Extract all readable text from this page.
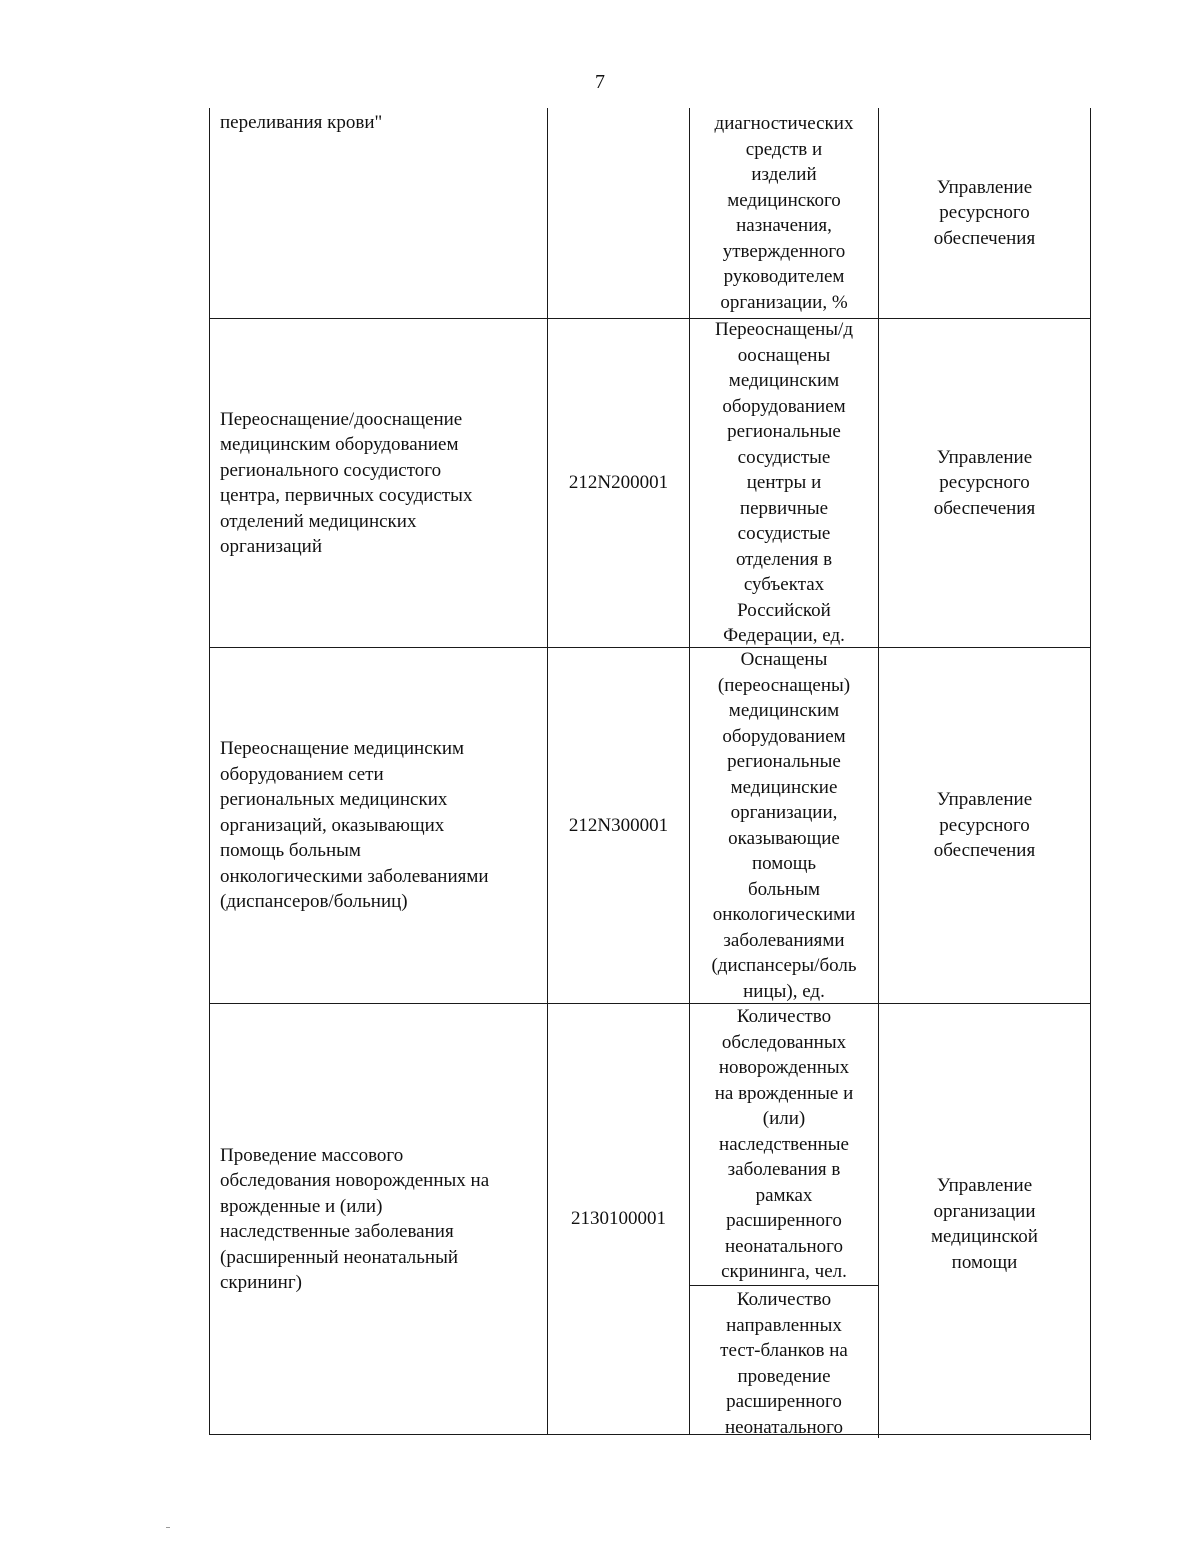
7
переливания крови"	диагностических
средств и
изделий
медицинского
назначения,
утвержденного
руководителем
организации, %
Управление
ресурсного
обеспечения
Переоснащение/дооснащение
медицинским оборудованием
регионального сосудистого
центра, первичных сосудистых
отделений медицинских
организаций
212N200001
Переоснащены/д
ооснащены
медицинским
оборудованием
региональные
сосудистые
центры и
первичные
сосудистые
отделения в
субъектах
Российской
Федерации, ед.
Управление
ресурсного
обеспечения
Переоснащение медицинским
оборудованием сети
региональных медицинских
организаций, оказывающих
помощь больным
онкологическими заболеваниями
(диспансеров/больниц)
212N300001
Оснащены
(переоснащены)
медицинским
оборудованием
региональные
медицинские
организации,
оказывающие
помощь
больным
онкологическими
заболеваниями
(диспансеры/боль
ницы), ед.
Управление
ресурсного
обеспечения
Проведение массового
обследования новорожденных на
врожденные и (или)
наследственные заболевания
(расширенный неонатальный
скрининг)
2130100001
Количество
обследованных
новорожденных
на врожденные и
(или)
наследственные
заболевания в
рамках
расширенного
неонатального
скрининга, чел.
Количество
направленных
тест-бланков на
проведение
расширенного
неонатального
Управление
организации
медицинской
помощи
